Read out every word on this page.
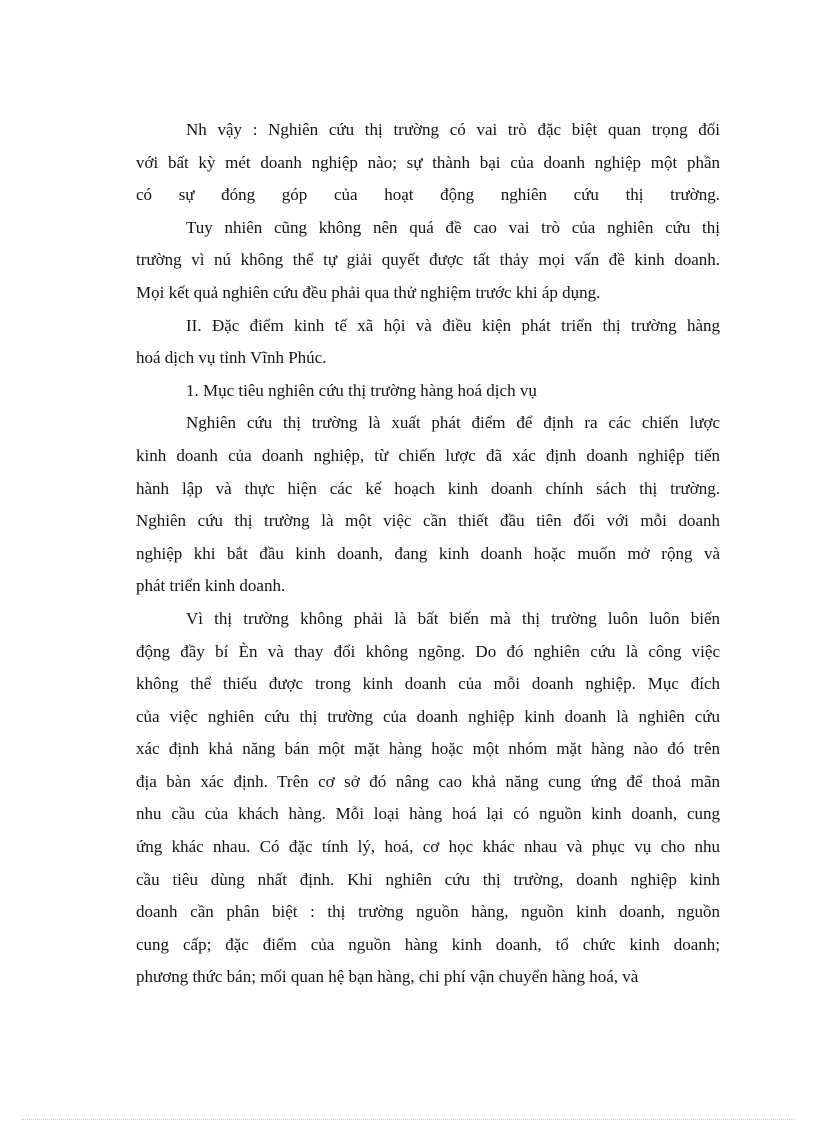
Nh vậy : Nghiên cứu thị trường có vai trò đặc biệt quan trọng đối
với bất kỳ mét doanh nghiệp nào; sự thành bại của doanh nghiệp một phần
có sự đóng góp của hoạt động nghiên cứu thị trường.
Tuy nhiên cũng không nên quá đề cao vai trò của nghiên cứu thị
trường vì nú không thể tự giải quyết được tất thảy mọi vấn đề kinh doanh.
Mọi kết quả nghiên cứu đều phải qua thử nghiệm trước khi áp dụng.
II. Đặc điểm kinh tế xã hội và điều kiện phát triển thị trường hàng
hoá dịch vụ tỉnh Vĩnh Phúc.
1. Mục tiêu nghiên cứu thị trường hàng hoá dịch vụ
Nghiên cứu thị trường là xuất phát điểm để định ra các chiến lược
kinh doanh của doanh nghiệp, từ chiến lược đã xác định doanh nghiệp tiến
hành lập và thực hiện các kế hoạch kinh doanh chính sách thị trường.
Nghiên cứu thị trường là một việc cần thiết đầu tiên đối với mỗi doanh
nghiệp khi bắt đầu kinh doanh, đang kinh doanh hoặc muốn mở rộng và
phát triển kinh doanh.
Vì thị trường không phải là bất biến mà thị trường luôn luôn biến
động đầy bí Èn và thay đổi không ngõng. Do đó nghiên cứu là công việc
không thể thiếu được trong kinh doanh của mỗi doanh nghiệp. Mục đích
của việc nghiên cứu thị trường của doanh nghiệp kinh doanh là nghiên cứu
xác định khả năng bán một mặt hàng hoặc một nhóm mặt hàng nào đó trên
địa bàn xác định. Trên cơ sở đó nâng cao khả năng cung ứng để thoả mãn
nhu cầu của khách hàng. Mỗi loại hàng hoá lại có nguồn kinh doanh, cung
ứng khác nhau. Có đặc tính lý, hoá, cơ học khác nhau và phục vụ cho nhu
cầu tiêu dùng nhất định. Khi nghiên cứu thị trường, doanh nghiệp kinh
doanh cần phân biệt : thị trường nguồn hàng, nguồn kinh doanh, nguồn
cung cấp; đặc điểm của nguồn hàng kinh doanh, tổ chức kinh doanh;
phương thức bán; mối quan hệ bạn hàng, chi phí vận chuyển hàng hoá, và
